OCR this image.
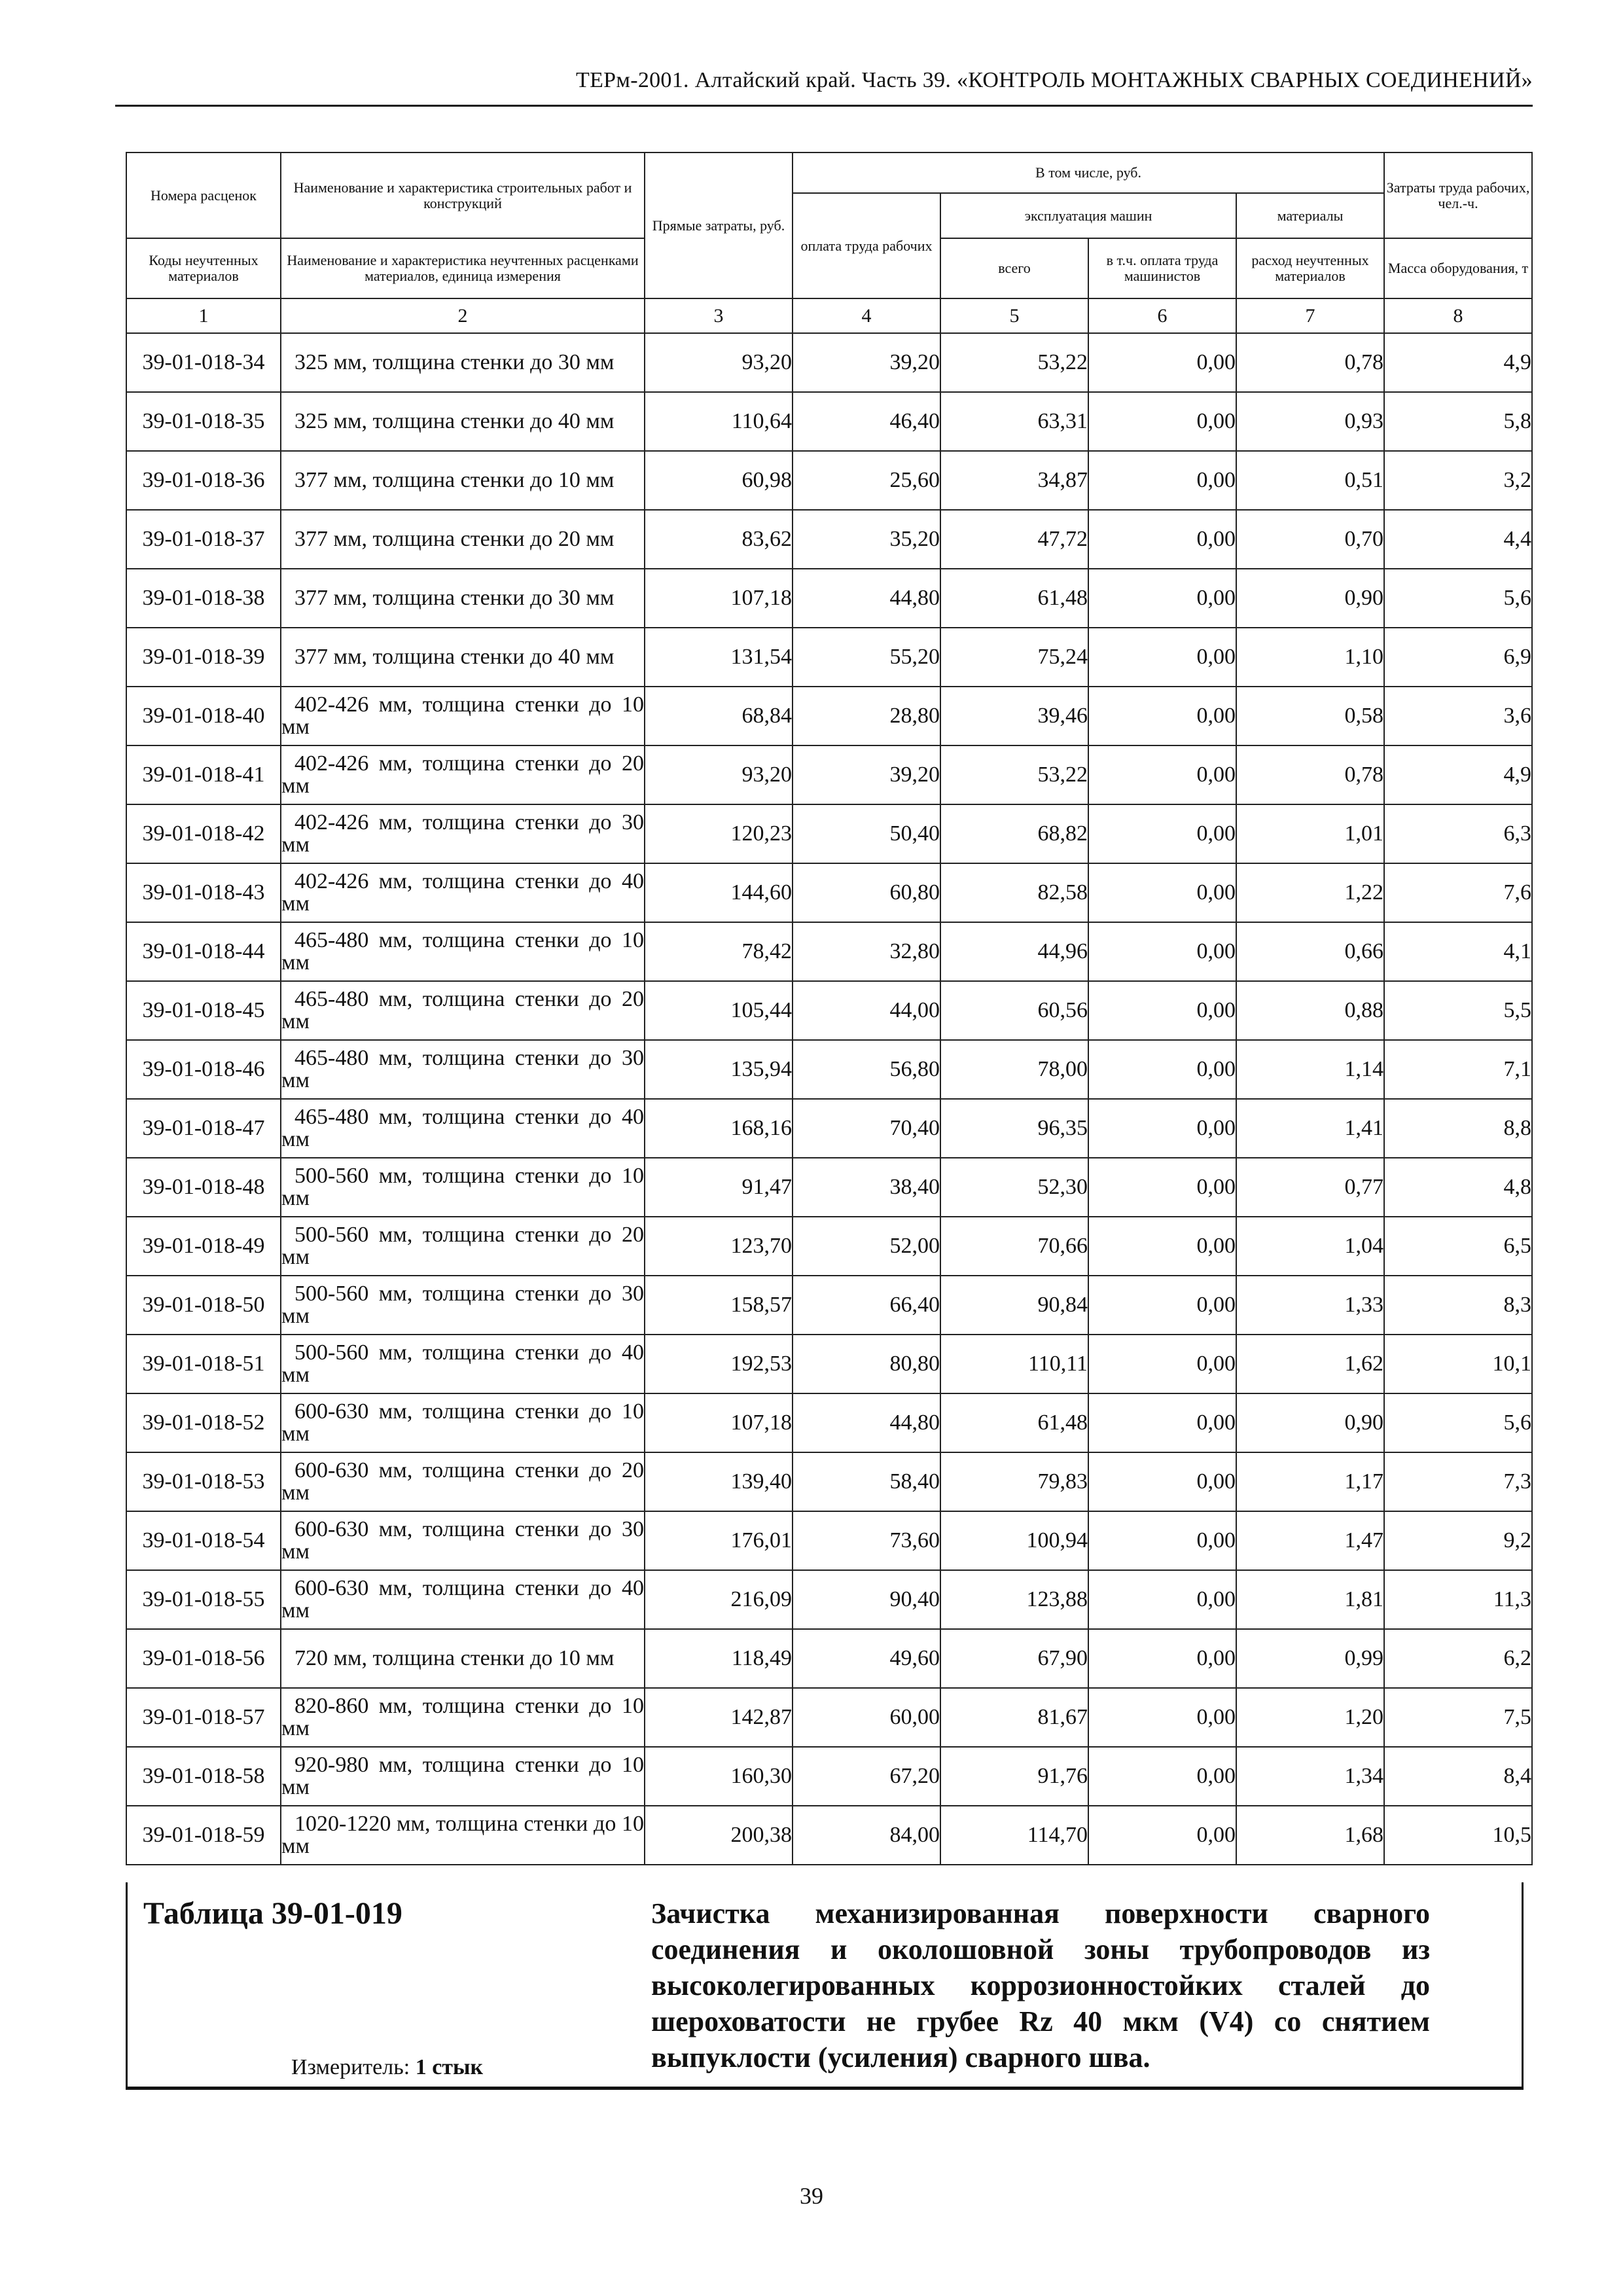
ТЕРм-2001. Алтайский край. Часть 39. «КОНТРОЛЬ МОНТАЖНЫХ СВАРНЫХ СОЕДИНЕНИЙ»
Номера расценок	Наименование и характеристика строительных работ и конструкций	Прямые затраты, руб.	В том числе, руб.				Затраты труда рабочих, чел.-ч.
			оплата труда рабочих	эксплуатация машин		материалы	
Коды неучтенных материалов	Наименование и характеристика неучтенных расценками материалов, единица измерения			всего	в т.ч. оплата труда машинистов	расход неучтенных материалов	Масса оборудования, т
1	2	3	4	5	6	7	8
39-01-018-34	325 мм, толщина стенки до 30 мм	93,20	39,20	53,22	0,00	0,78	4,9
39-01-018-35	325 мм, толщина стенки до 40 мм	110,64	46,40	63,31	0,00	0,93	5,8
39-01-018-36	377 мм, толщина стенки до 10 мм	60,98	25,60	34,87	0,00	0,51	3,2
39-01-018-37	377 мм, толщина стенки до 20 мм	83,62	35,20	47,72	0,00	0,70	4,4
39-01-018-38	377 мм, толщина стенки до 30 мм	107,18	44,80	61,48	0,00	0,90	5,6
39-01-018-39	377 мм, толщина стенки до 40 мм	131,54	55,20	75,24	0,00	1,10	6,9
39-01-018-40	402-426 мм, толщина стенки до 10 мм	68,84	28,80	39,46	0,00	0,58	3,6
39-01-018-41	402-426 мм, толщина стенки до 20 мм	93,20	39,20	53,22	0,00	0,78	4,9
39-01-018-42	402-426 мм, толщина стенки до 30 мм	120,23	50,40	68,82	0,00	1,01	6,3
39-01-018-43	402-426 мм, толщина стенки до 40 мм	144,60	60,80	82,58	0,00	1,22	7,6
39-01-018-44	465-480 мм, толщина стенки до 10 мм	78,42	32,80	44,96	0,00	0,66	4,1
39-01-018-45	465-480 мм, толщина стенки до 20 мм	105,44	44,00	60,56	0,00	0,88	5,5
39-01-018-46	465-480 мм, толщина стенки до 30 мм	135,94	56,80	78,00	0,00	1,14	7,1
39-01-018-47	465-480 мм, толщина стенки до 40 мм	168,16	70,40	96,35	0,00	1,41	8,8
39-01-018-48	500-560 мм, толщина стенки до 10 мм	91,47	38,40	52,30	0,00	0,77	4,8
39-01-018-49	500-560 мм, толщина стенки до 20 мм	123,70	52,00	70,66	0,00	1,04	6,5
39-01-018-50	500-560 мм, толщина стенки до 30 мм	158,57	66,40	90,84	0,00	1,33	8,3
39-01-018-51	500-560 мм, толщина стенки до 40 мм	192,53	80,80	110,11	0,00	1,62	10,1
39-01-018-52	600-630 мм, толщина стенки до 10 мм	107,18	44,80	61,48	0,00	0,90	5,6
39-01-018-53	600-630 мм, толщина стенки до 20 мм	139,40	58,40	79,83	0,00	1,17	7,3
39-01-018-54	600-630 мм, толщина стенки до 30 мм	176,01	73,60	100,94	0,00	1,47	9,2
39-01-018-55	600-630 мм, толщина стенки до 40 мм	216,09	90,40	123,88	0,00	1,81	11,3
39-01-018-56	720 мм, толщина стенки до 10 мм	118,49	49,60	67,90	0,00	0,99	6,2
39-01-018-57	820-860 мм, толщина стенки до 10 мм	142,87	60,00	81,67	0,00	1,20	7,5
39-01-018-58	920-980 мм, толщина стенки до 10 мм	160,30	67,20	91,76	0,00	1,34	8,4
39-01-018-59	1020-1220 мм, толщина стенки до 10 мм	200,38	84,00	114,70	0,00	1,68	10,5
Таблица 39-01-019	Зачистка механизированная поверхности сварного соединения и околошовной зоны трубопроводов из высоколегированных коррозионностойких сталей до шероховатости не грубее Rz 40 мкм (V4) со снятием выпуклости (усиления) сварного шва.
Измеритель: 1 стык
39
